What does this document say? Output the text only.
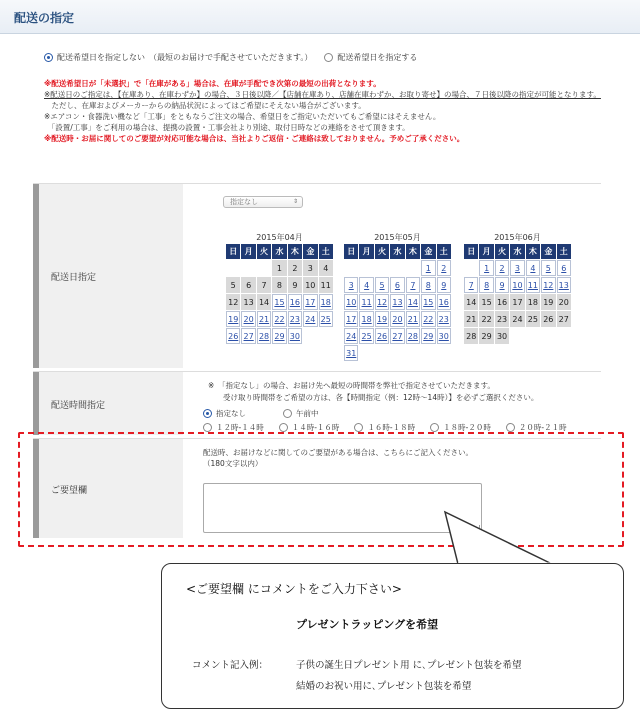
配送の指定
配送希望日を指定しない　（最短のお届けで手配させていただきます。）	配送希望日を指定する
※配送希望日が「未選択」で「在庫がある」場合は、在庫が手配でき次第の最短の出荷となります。
※配送日のご指定は、【在庫あり、在庫わずか】の場合、３日後以降／【店舗在庫あり、店舗在庫わずか、お取り寄せ】の場合、７日後以降の指定が可能となります。
　ただし、在庫およびメーカーからの納品状況によってはご希望にそえない場合がございます。
※エアコン・食器洗い機など「工事」をともなうご注文の場合、希望日をご指定いただいてもご希望にはそえません。
　「設置/工事」をご利用の場合は、提携の設置・工事会社より別途、取付日時などの連絡をさせて頂きます。
※配送時・お届に関してのご要望が対応可能な場合は、当社よりご返信・ご連絡は致しておりません。予めご了承ください。
配送日指定
指定なし	⇕
2015年04月
日	月	火	水	木	金	土
			1	2	3	4
5	6	7	8	9	10	11
12	13	14	15	16	17	18
19	20	21	22	23	24	25
26	27	28	29	30		
2015年05月
日	月	火	水	木	金	土
					1	2
3	4	5	6	7	8	9
10	11	12	13	14	15	16
17	18	19	20	21	22	23
24	25	26	27	28	29	30
31						
2015年06月
日	月	火	水	木	金	土
	1	2	3	4	5	6
7	8	9	10	11	12	13
14	15	16	17	18	19	20
21	22	23	24	25	26	27
28	29	30				
配送時間指定
※　「指定なし」の場合、お届け先へ最短の時間帯を弊社で指定させていただきます。
　　受け取り時間帯をご希望の方は、各【時間指定（例：12時〜14時）】を必ずご選択ください。
指定なし	午前中
１２時-１４時	１４時-１６時	１６時-１８時	１８時-２０時	２０時-２１時
ご要望欄
配送時、お届けなどに関してのご要望がある場合は、こちらにご記入ください。
（180文字以内）
<ご要望欄 にコメントをご入力下さい>
プレゼントラッピングを希望
コメント記入例：	子供の誕生日プレゼント用 に､プレゼント包装を希望
結婚のお祝い用に､プレゼント包装を希望
